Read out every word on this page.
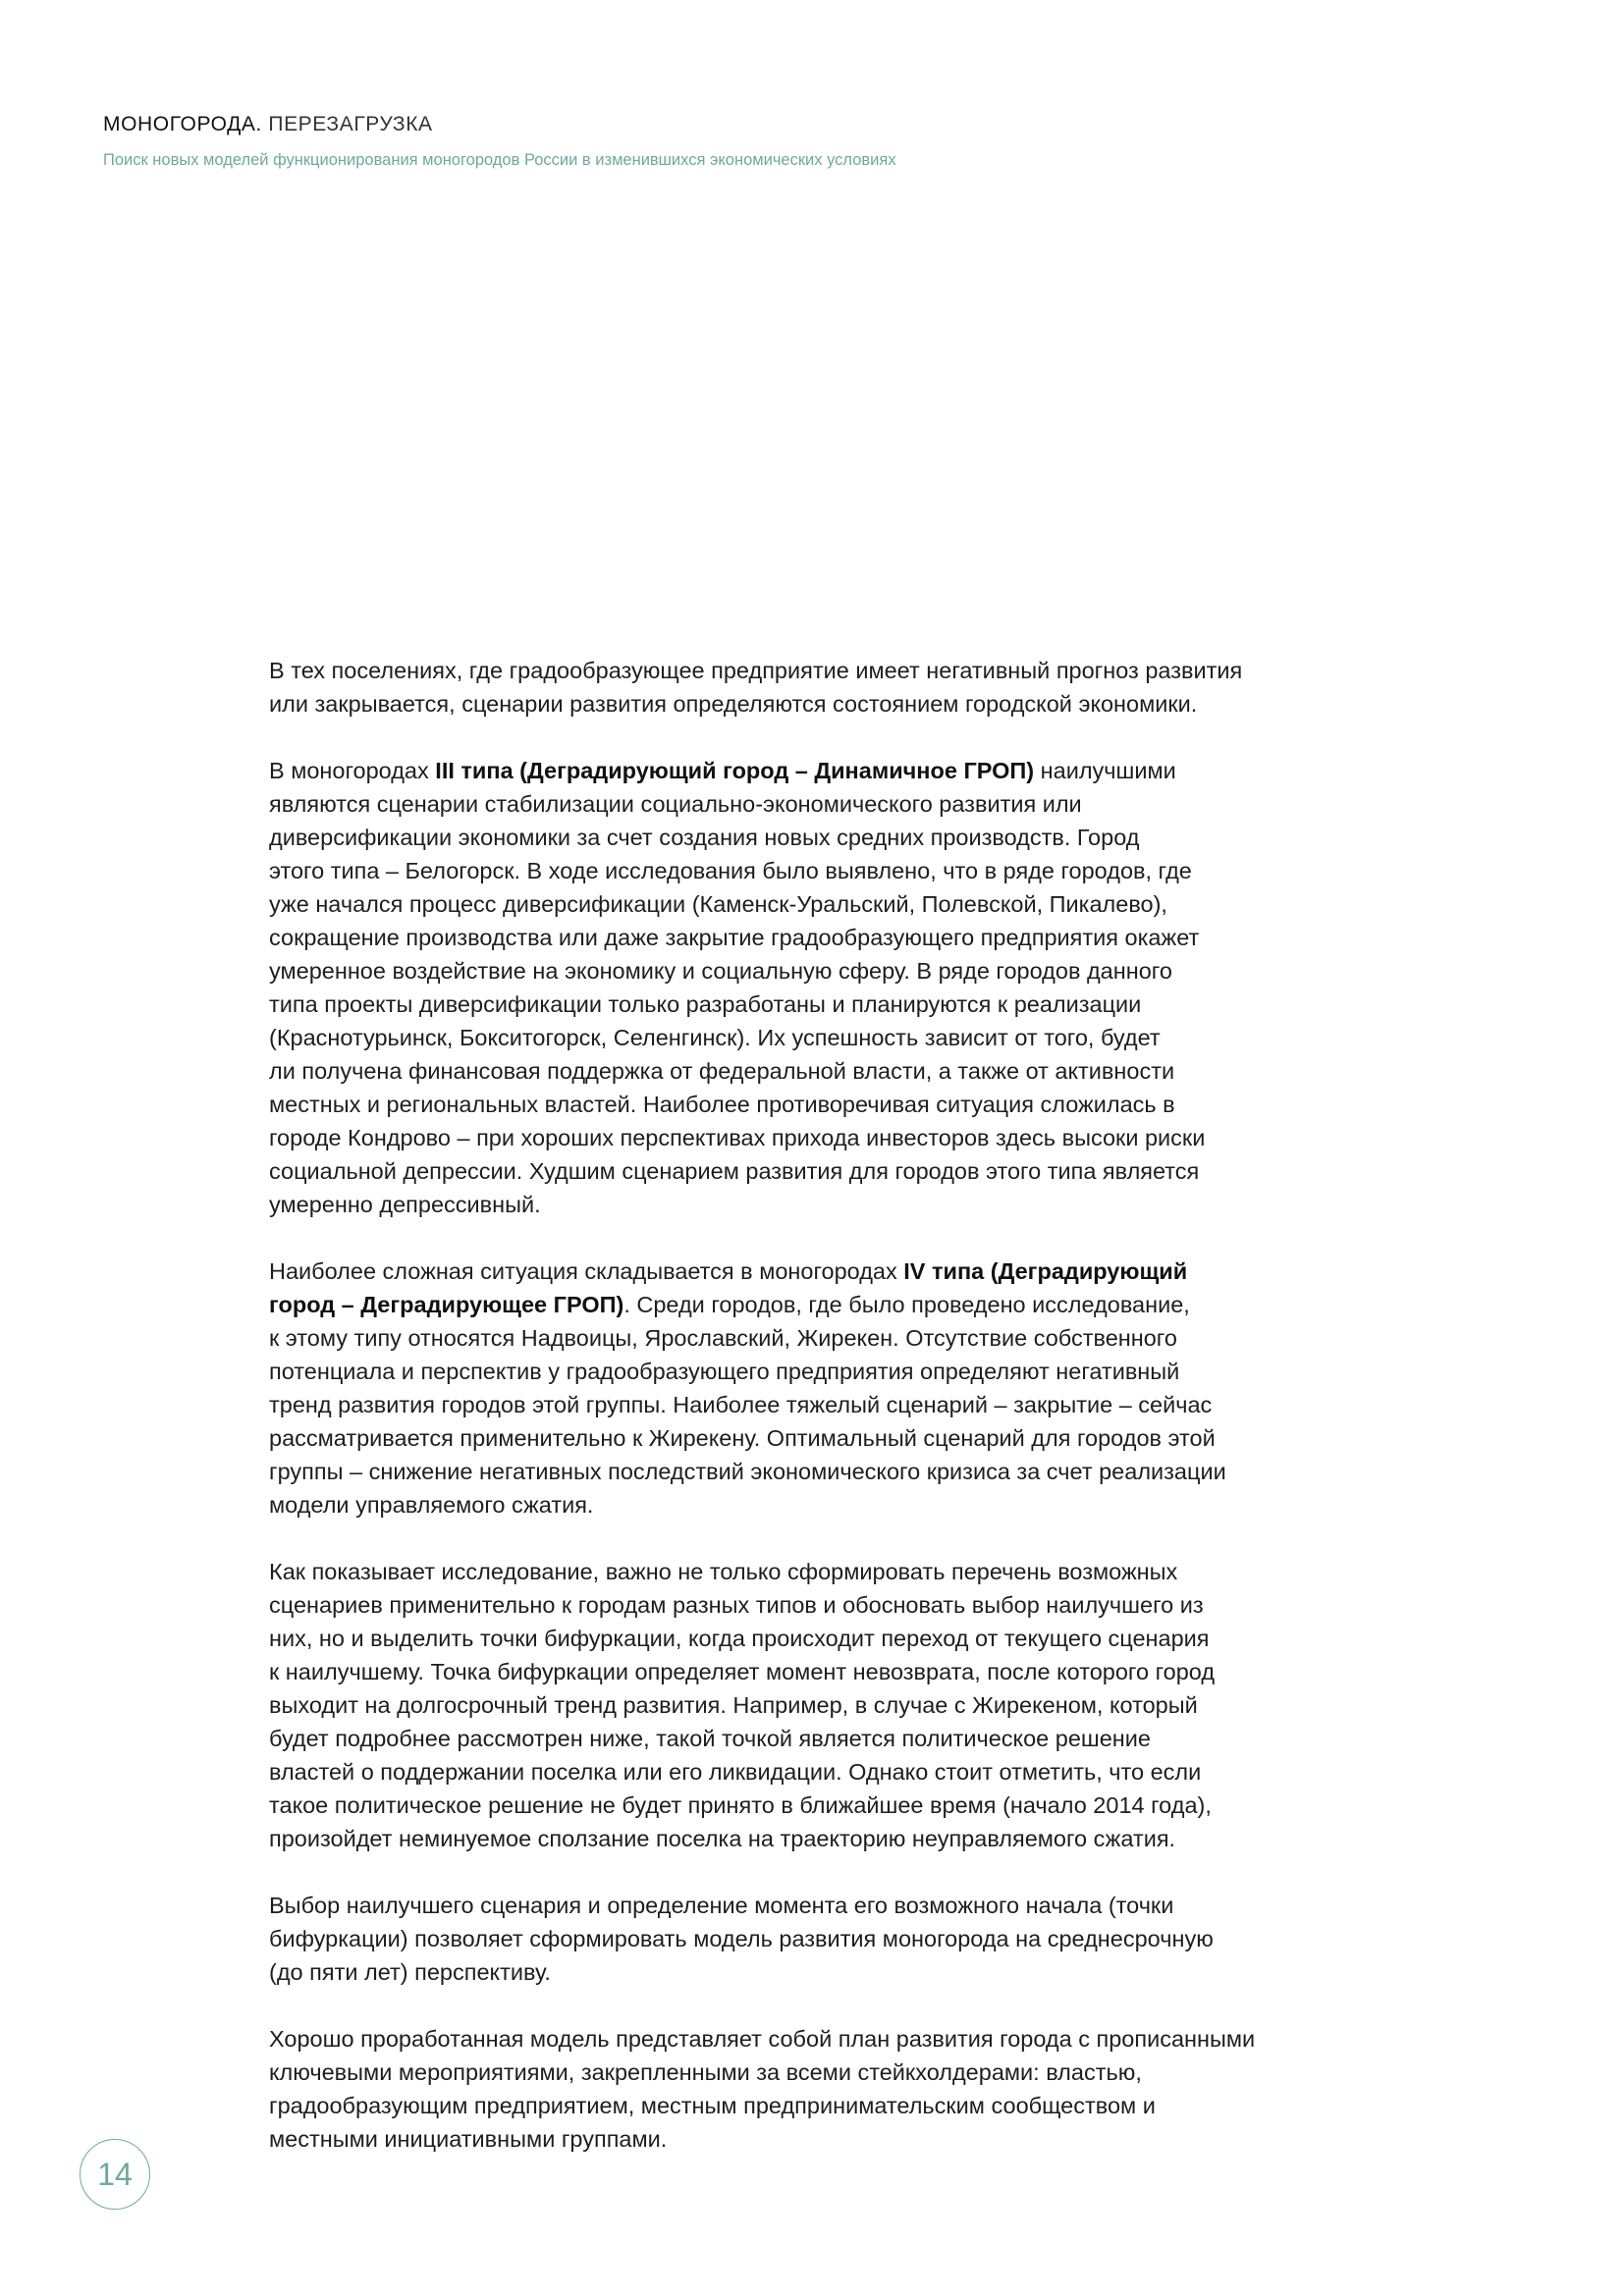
МОНОГОРОДА. ПЕРЕЗАГРУЗКА
Поиск новых моделей функционирования моногородов России в изменившихся экономических условиях

В тех поселениях, где градообразующее предприятие имеет негативный прогноз развития
или закрывается, сценарии развития определяются состоянием городской экономики.

В моногородах III типа (Деградирующий город – Динамичное ГРОП) наилучшими
являются сценарии стабилизации социально-экономического развития или
диверсификации экономики за счет создания новых средних производств. Город
этого типа – Белогорск. В ходе исследования было выявлено, что в ряде городов, где
уже начался процесс диверсификации (Каменск-Уральский, Полевской, Пикалево),
сокращение производства или даже закрытие градообразующего предприятия окажет
умеренное воздействие на экономику и социальную сферу. В ряде городов данного
типа проекты диверсификации только разработаны и планируются к реализации
(Краснотурьинск, Бокситогорск, Селенгинск). Их успешность зависит от того, будет
ли получена финансовая поддержка от федеральной власти, а также от активности
местных и региональных властей. Наиболее противоречивая ситуация сложилась в
городе Кондрово – при хороших перспективах прихода инвесторов здесь высоки риски
социальной депрессии. Худшим сценарием развития для городов этого типа является
умеренно депрессивный.

Наиболее сложная ситуация складывается в моногородах IV типа (Деградирующий
город – Деградирующее ГРОП). Среди городов, где было проведено исследование,
к этому типу относятся Надвоицы, Ярославский, Жирекен. Отсутствие собственного
потенциала и перспектив у градообразующего предприятия определяют негативный
тренд развития городов этой группы. Наиболее тяжелый сценарий – закрытие – сейчас
рассматривается применительно к Жирекену. Оптимальный сценарий для городов этой
группы – снижение негативных последствий экономического кризиса за счет реализации
модели управляемого сжатия.

Как показывает исследование, важно не только сформировать перечень возможных
сценариев применительно к городам разных типов и обосновать выбор наилучшего из
них, но и выделить точки бифуркации, когда происходит переход от текущего сценария
к наилучшему. Точка бифуркации определяет момент невозврата, после которого город
выходит на долгосрочный тренд развития. Например, в случае с Жирекеном, который
будет подробнее рассмотрен ниже, такой точкой является политическое решение
властей о поддержании поселка или его ликвидации. Однако стоит отметить, что если
такое политическое решение не будет принято в ближайшее время (начало 2014 года),
произойдет неминуемое сползание поселка на траекторию неуправляемого сжатия.

Выбор наилучшего сценария и определение момента его возможного начала (точки
бифуркации) позволяет сформировать модель развития моногорода на среднесрочную
(до пяти лет) перспективу.

Хорошо проработанная модель представляет собой план развития города с прописанными
ключевыми мероприятиями, закрепленными за всеми стейкхолдерами: властью,
градообразующим предприятием, местным предпринимательским сообществом и
местными инициативными группами.

14
